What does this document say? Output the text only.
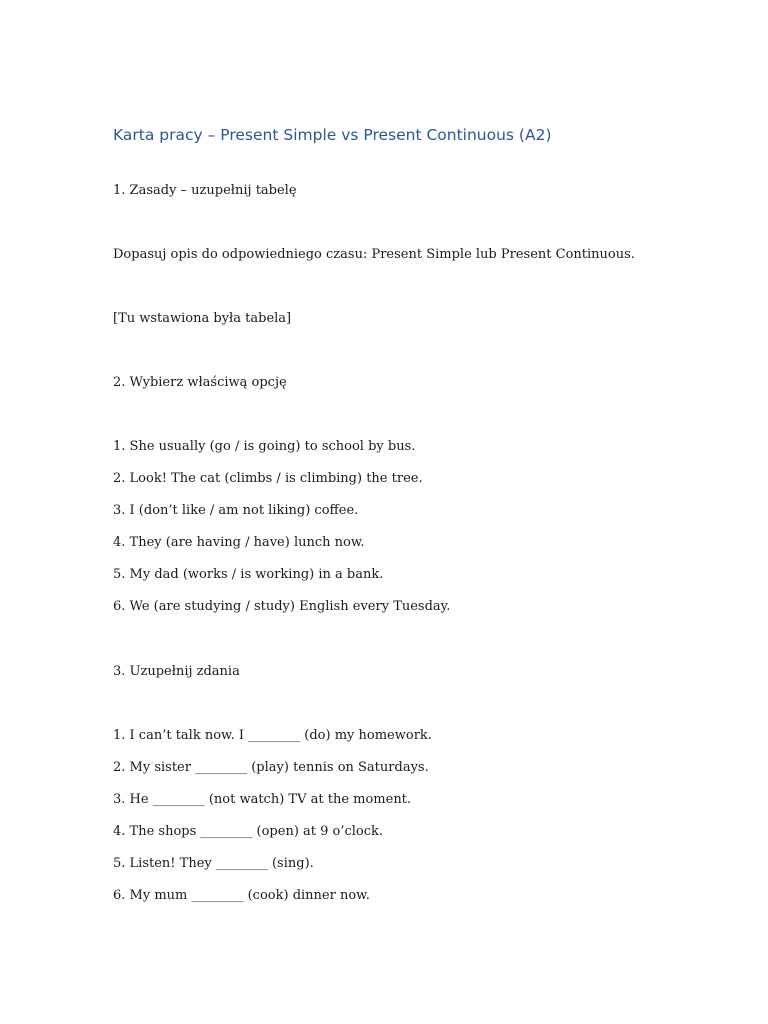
Karta pracy – Present Simple vs Present Continuous (A2)
1. Zasady – uzupełnij tabelę
Dopasuj opis do odpowiedniego czasu: Present Simple lub Present Continuous.
[Tu wstawiona była tabela]
2. Wybierz właściwą opcję
1. She usually (go / is going) to school by bus.
2. Look! The cat (climbs / is climbing) the tree.
3. I (don’t like / am not liking) coffee.
4. They (are having / have) lunch now.
5. My dad (works / is working) in a bank.
6. We (are studying / study) English every Tuesday.
3. Uzupełnij zdania
1. I can’t talk now. I ________ (do) my homework.
2. My sister ________ (play) tennis on Saturdays.
3. He ________ (not watch) TV at the moment.
4. The shops ________ (open) at 9 o’clock.
5. Listen! They ________ (sing).
6. My mum ________ (cook) dinner now.
